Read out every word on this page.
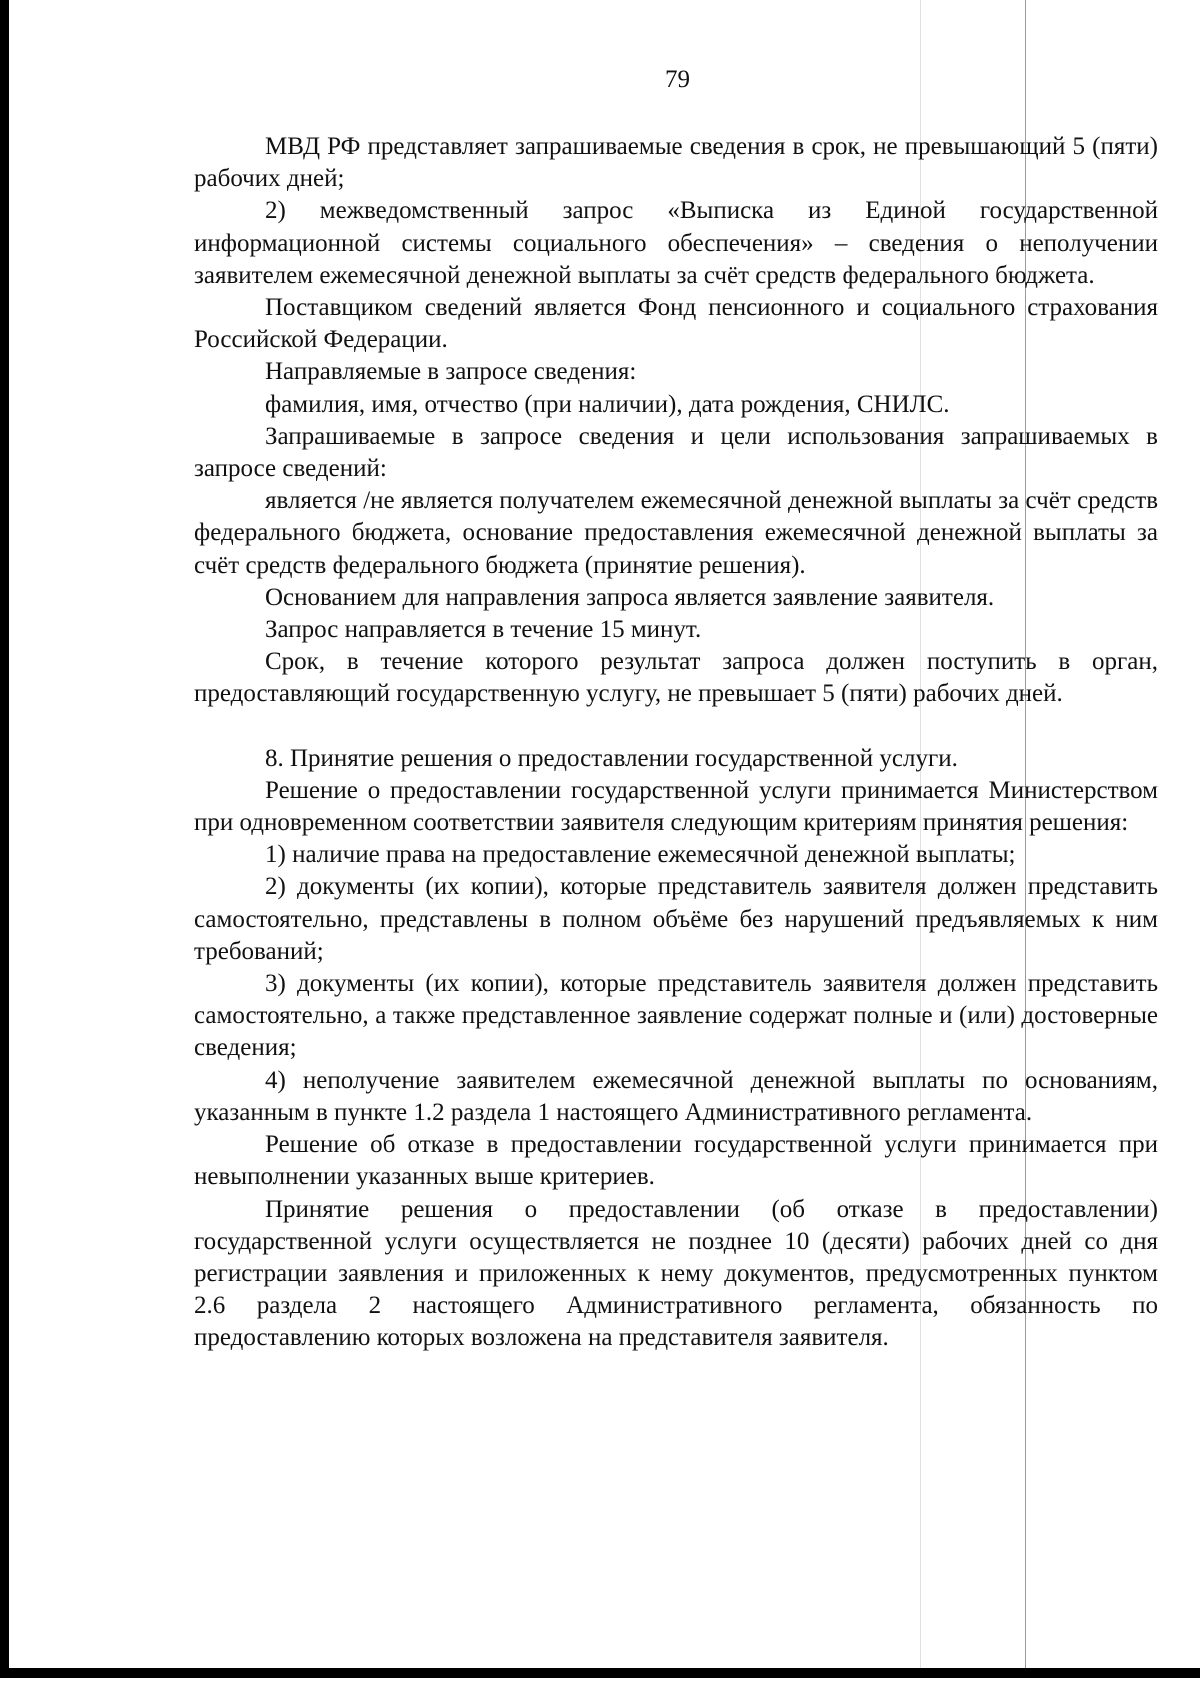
79

МВД РФ представляет запрашиваемые сведения в срок, не превышающий 5 (пяти) рабочих дней;

2) межведомственный запрос «Выписка из Единой государственной информационной системы социального обеспечения» – сведения о неполучении заявителем ежемесячной денежной выплаты за счёт средств федерального бюджета.

Поставщиком сведений является Фонд пенсионного и социального страхования Российской Федерации.

Направляемые в запросе сведения:

фамилия, имя, отчество (при наличии), дата рождения, СНИЛС.

Запрашиваемые в запросе сведения и цели использования запрашиваемых в запросе сведений:

является /не является получателем ежемесячной денежной выплаты за счёт средств федерального бюджета, основание предоставления ежемесячной денежной выплаты за счёт средств федерального бюджета (принятие решения).

Основанием для направления запроса является заявление заявителя.

Запрос направляется в течение 15 минут.

Срок, в течение которого результат запроса должен поступить в орган, предоставляющий государственную услугу, не превышает 5 (пяти) рабочих дней.

8. Принятие решения о предоставлении государственной услуги.

Решение о предоставлении государственной услуги принимается Министерством при одновременном соответствии заявителя следующим критериям принятия решения:

1) наличие права на предоставление ежемесячной денежной выплаты;

2) документы (их копии), которые представитель заявителя должен представить самостоятельно, представлены в полном объёме без нарушений предъявляемых к ним требований;

3) документы (их копии), которые представитель заявителя должен представить самостоятельно, а также представленное заявление содержат полные и (или) достоверные сведения;

4) неполучение заявителем ежемесячной денежной выплаты по основаниям, указанным в пункте 1.2 раздела 1 настоящего Административного регламента.

Решение об отказе в предоставлении государственной услуги принимается при невыполнении указанных выше критериев.

Принятие решения о предоставлении (об отказе в предоставлении) государственной услуги осуществляется не позднее 10 (десяти) рабочих дней со дня регистрации заявления и приложенных к нему документов, предусмотренных пунктом 2.6 раздела 2 настоящего Административного регламента, обязанность по предоставлению которых возложена на представителя заявителя.
